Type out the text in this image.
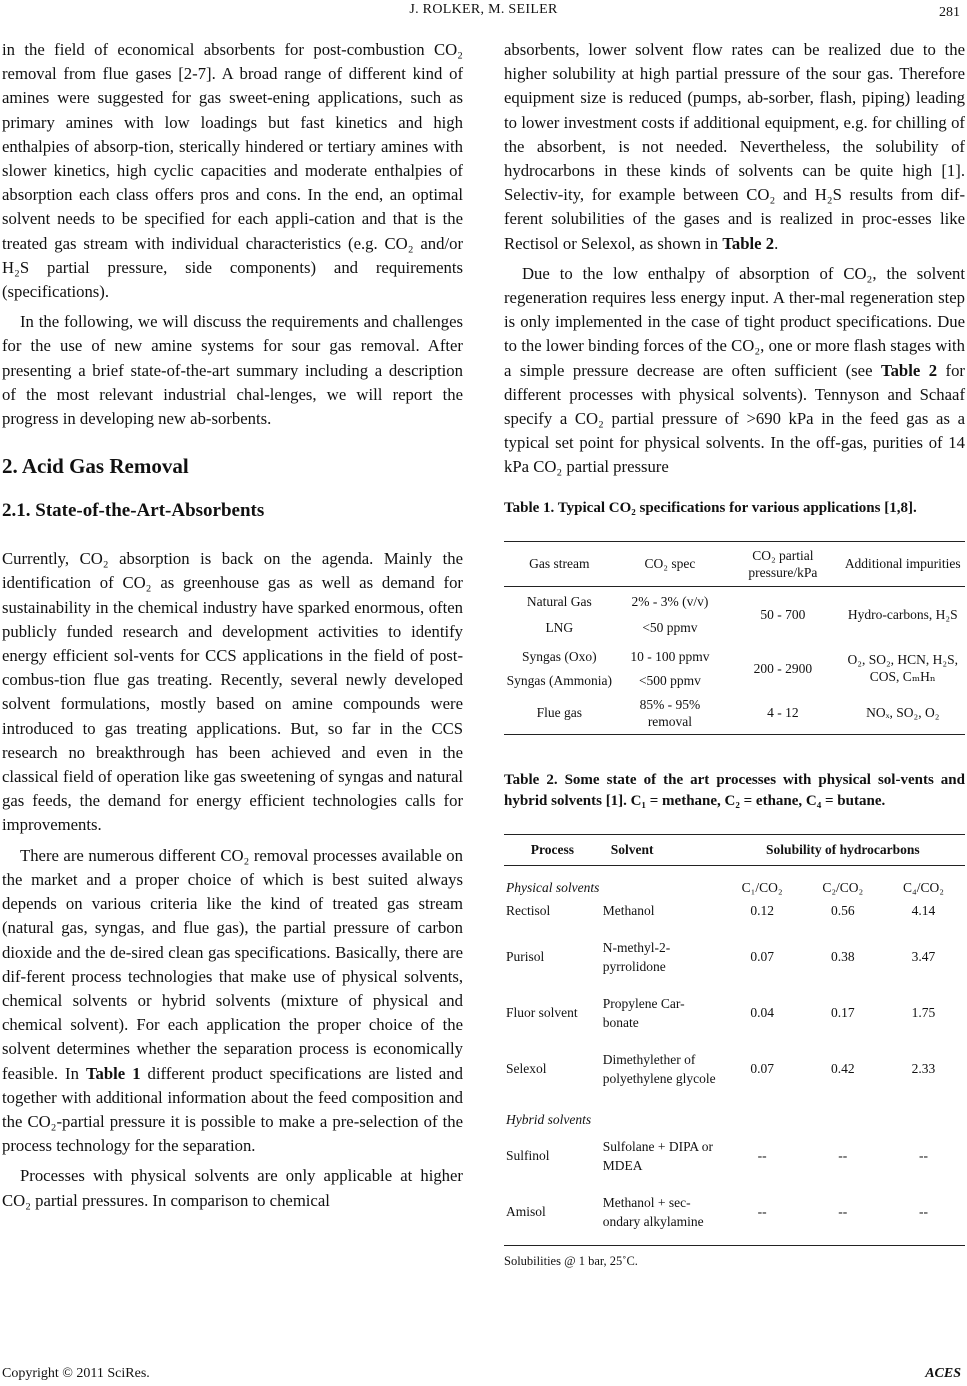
J. ROLKER, M. SEILER	281

in the field of economical absorbents for post-combustion CO₂ removal from flue gases [2-7]. A broad range of different kind of amines were suggested for gas sweet-ening applications, such as primary amines with low loadings but fast kinetics and high enthalpies of absorp-tion, sterically hindered or tertiary amines with slower kinetics, high cyclic capacities and moderate enthalpies of absorption each class offers pros and cons. In the end, an optimal solvent needs to be specified for each appli-cation and that is the treated gas stream with individual characteristics (e.g. CO₂ and/or H₂S partial pressure, side components) and requirements (specifications).

In the following, we will discuss the requirements and challenges for the use of new amine systems for sour gas removal. After presenting a brief state-of-the-art summary including a description of the most relevant industrial chal-lenges, we will report the progress in developing new ab-sorbents.

2. Acid Gas Removal
2.1. State-of-the-Art-Absorbents

Currently, CO₂ absorption is back on the agenda. Mainly the identification of CO₂ as greenhouse gas as well as demand for sustainability in the chemical industry have sparked enormous, often publicly funded research and development activities to identify energy efficient sol-vents for CCS applications in the field of post-combus-tion flue gas treating. Recently, several newly developed solvent formulations, mostly based on amine compounds were introduced to gas treating applications. But, so far in the CCS research no breakthrough has been achieved and even in the classical field of operation like gas sweetening of syngas and natural gas feeds, the demand for energy efficient technologies calls for improvements.

There are numerous different CO₂ removal processes available on the market and a proper choice of which is best suited always depends on various criteria like the kind of treated gas stream (natural gas, syngas, and flue gas), the partial pressure of carbon dioxide and the de-sired clean gas specifications. Basically, there are dif-ferent process technologies that make use of physical solvents, chemical solvents or hybrid solvents (mixture of physical and chemical solvent). For each application the proper choice of the solvent determines whether the separation process is economically feasible. In Table 1 different product specifications are listed and together with additional information about the feed composition and the CO₂-partial pressure it is possible to make a pre-selection of the process technology for the separation.

Processes with physical solvents are only applicable at higher CO₂ partial pressures. In comparison to chemical

absorbents, lower solvent flow rates can be realized due to the higher solubility at high partial pressure of the sour gas. Therefore equipment size is reduced (pumps, ab-sorber, flash, piping) leading to lower investment costs if additional equipment, e.g. for chilling of the absorbent, is not needed. Nevertheless, the solubility of hydrocarbons in these kinds of solvents can be quite high [1]. Selectiv-ity, for example between CO₂ and H₂S results from dif-ferent solubilities of the gases and is realized in proc-esses like Rectisol or Selexol, as shown in Table 2.

Due to the low enthalpy of absorption of CO₂, the solvent regeneration requires less energy input. A ther-mal regeneration step is only implemented in the case of tight product specifications. Due to the lower binding forces of the CO₂, one or more flash stages with a simple pressure decrease are often sufficient (see Table 2 for different processes with physical solvents). Tennyson and Schaaf specify a CO₂ partial pressure of >690 kPa in the feed gas as a typical set point for physical solvents. In the off-gas, purities of 14 kPa CO₂ partial pressure

Table 1. Typical CO₂ specifications for various applications [1,8].
Gas stream	CO₂ spec	CO₂ partial pressure/kPa	Additional impurities
Natural Gas	2% - 3% (v/v)	50 - 700	Hydro-carbons, H₂S
LNG	<50 ppmv		
Syngas (Oxo)	10 - 100 ppmv	200 - 2900	O₂, SO₂, HCN, H₂S, COS, CₘHₙ
Syngas (Ammonia)	<500 ppmv		
Flue gas	85% - 95% removal	4 - 12	NOₓ, SO₂, O₂
Table 2. Some state of the art processes with physical sol-vents and hybrid solvents [1]. C₁ = methane, C₂ = ethane, C₄ = butane.
Process	Solvent	Solubility of hydrocarbons		
Physical solvents		C₁/CO₂	C₂/CO₂	C₄/CO₂
Rectisol	Methanol	0.12	0.56	4.14

Purisol	N-methyl-2-pyrrolidone	0.07	0.38	3.47

Fluor solvent	Propylene Car-bonate	0.04	0.17	1.75

Selexol	Dimethylether of polyethylene glycole	0.07	0.42	2.33

Hybrid solvents				
Sulfinol	Sulfolane + DIPA or MDEA	--	--	--

Amisol	Methanol + sec-ondary alkylamine	--	--	--
Solubilities @ 1 bar, 25˚C.
Copyright © 2011 SciRes.	ACES
